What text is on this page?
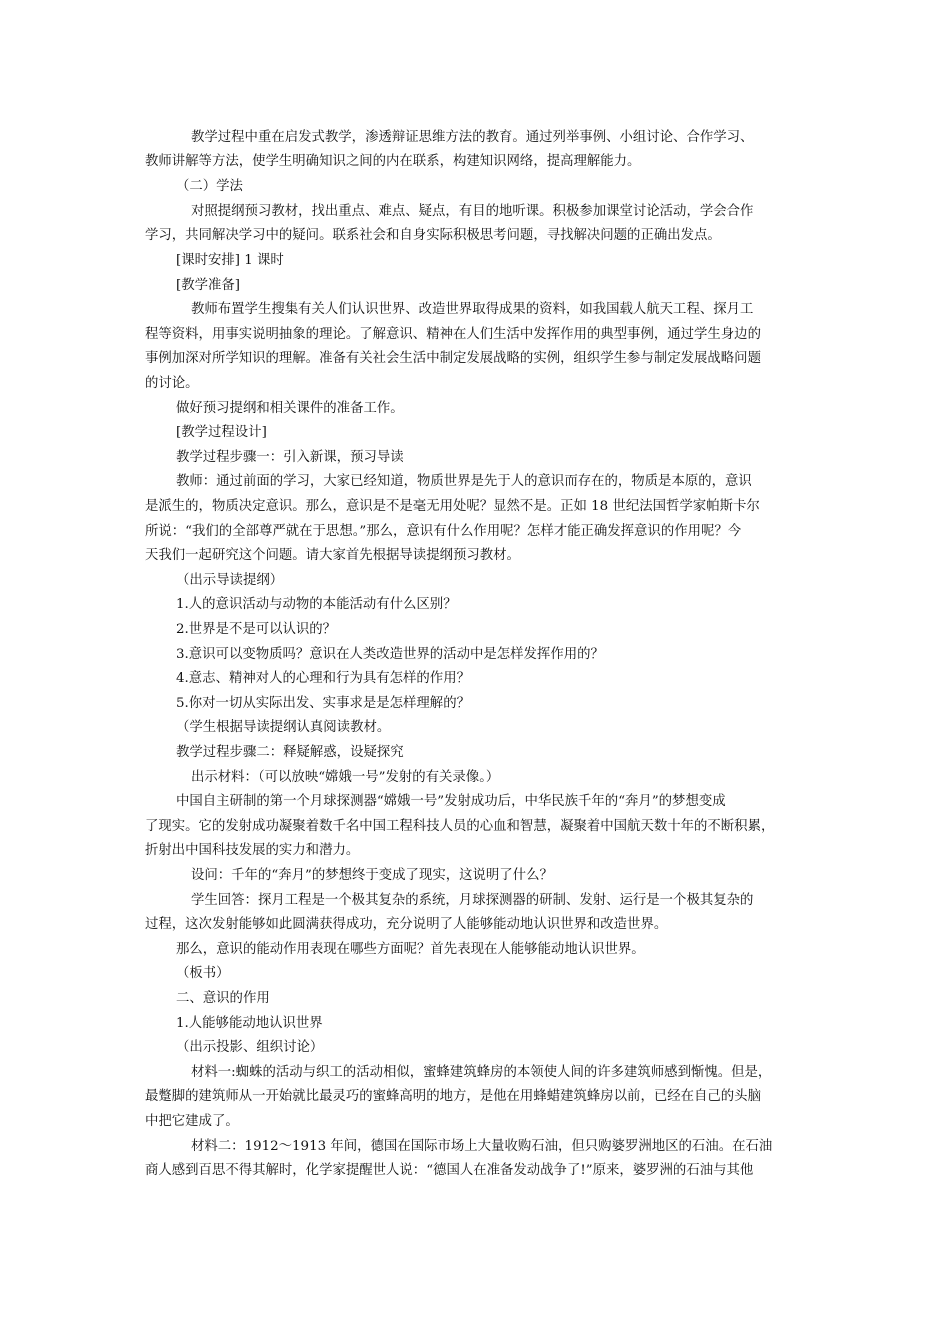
教学过程中重在启发式教学，渗透辩证思维方法的教育。通过列举事例、小组讨论、合作学习、
教师讲解等方法，使学生明确知识之间的内在联系，构建知识网络，提高理解能力。
（二）学法
对照提纲预习教材，找出重点、难点、疑点，有目的地听课。积极参加课堂讨论活动，学会合作
学习，共同解决学习中的疑问。联系社会和自身实际积极思考问题，寻找解决问题的正确出发点。
[课时安排] 1 课时
[教学准备]
教师布置学生搜集有关人们认识世界、改造世界取得成果的资料，如我国载人航天工程、探月工
程等资料，用事实说明抽象的理论。了解意识、精神在人们生活中发挥作用的典型事例，通过学生身边的
事例加深对所学知识的理解。准备有关社会生活中制定发展战略的实例，组织学生参与制定发展战略问题
的讨论。
做好预习提纲和相关课件的准备工作。
[教学过程设计]
教学过程步骤一：引入新课，预习导读
教师：通过前面的学习，大家已经知道，物质世界是先于人的意识而存在的，物质是本原的，意识
是派生的，物质决定意识。那么，意识是不是毫无用处呢？显然不是。正如 18 世纪法国哲学家帕斯卡尔
所说：“我们的全部尊严就在于思想。”那么，意识有什么作用呢？怎样才能正确发挥意识的作用呢？今
天我们一起研究这个问题。请大家首先根据导读提纲预习教材。
（出示导读提纲）
1.人的意识活动与动物的本能活动有什么区别？
2.世界是不是可以认识的？
3.意识可以变物质吗？意识在人类改造世界的活动中是怎样发挥作用的？
4.意志、精神对人的心理和行为具有怎样的作用？
5.你对一切从实际出发、实事求是是怎样理解的？
（学生根据导读提纲认真阅读教材。
教学过程步骤二：释疑解惑，设疑探究
出示材料：（可以放映“嫦娥一号”发射的有关录像。）
中国自主研制的第一个月球探测器“嫦娥一号”发射成功后，中华民族千年的“奔月”的梦想变成
了现实。它的发射成功凝聚着数千名中国工程科技人员的心血和智慧，凝聚着中国航天数十年的不断积累，
折射出中国科技发展的实力和潜力。
设问：千年的“奔月”的梦想终于变成了现实，这说明了什么？
学生回答：探月工程是一个极其复杂的系统，月球探测器的研制、发射、运行是一个极其复杂的
过程，这次发射能够如此圆满获得成功，充分说明了人能够能动地认识世界和改造世界。
那么，意识的能动作用表现在哪些方面呢？首先表现在人能够能动地认识世界。
（板书）
二、意识的作用
1.人能够能动地认识世界
（出示投影、组织讨论）
材料一:蜘蛛的活动与织工的活动相似，蜜蜂建筑蜂房的本领使人间的许多建筑师感到惭愧。但是，
最蹩脚的建筑师从一开始就比最灵巧的蜜蜂高明的地方，是他在用蜂蜡建筑蜂房以前，已经在自己的头脑
中把它建成了。
材料二：1912～1913 年间，德国在国际市场上大量收购石油，但只购婆罗洲地区的石油。在石油
商人感到百思不得其解时，化学家提醒世人说：“德国人在准备发动战争了!”原来，婆罗洲的石油与其他
